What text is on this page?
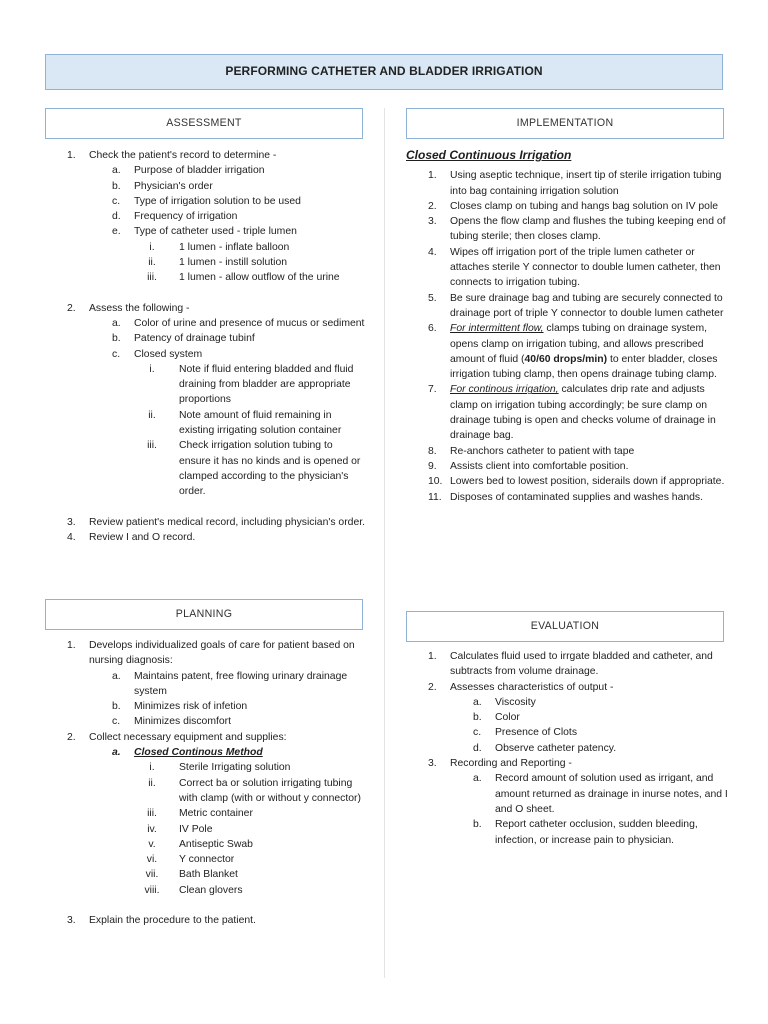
PERFORMING CATHETER AND BLADDER IRRIGATION
ASSESSMENT	IMPLEMENTATION
PLANNING
EVALUATION
1. Check the patient's record to determine -
a. Purpose of bladder irrigation
b. Physician's order
c. Type of irrigation solution to be used
d. Frequency of irrigation
e. Type of catheter used - triple lumen
i.	1 lumen - inflate balloon
ii.	1 lumen - instill solution
iii.	1 lumen - allow outflow of the urine
2. Assess the following -
a. Color of urine and presence of mucus or sediment
b. Patency of drainage tubinf
c. Closed system
i.	Note if fluid entering bladded and fluid draining from bladder are appropriate proportions
ii.	Note amount of fluid remaining in existing irrigating solution container
iii.	Check irrigation solution tubing to ensure it has no kinds and is opened or clamped according to the physician's order.
3. Review patient's medical record, including physician's order.
4. Review I and O record.
1. Develops individualized goals of care for patient based on nursing diagnosis:
a. Maintains patent, free flowing urinary drainage system
b. Minimizes risk of infetion
c. Minimizes discomfort
2. Collect necessary equipment and supplies:
a. Closed Continous Method
i.	Sterile Irrigating solution
ii.	Correct ba or solution irrigating tubing with clamp (with or without y connector)
iii.	Metric container
iv.	IV Pole
v.	Antiseptic Swab
vi.	Y connector
vii.	Bath Blanket
viii.	Clean glovers
3. Explain the procedure to the patient.
Closed Continuous Irrigation
1. Using aseptic technique, insert tip of sterile irrigation tubing into bag containing irrigation solution
2. Closes clamp on tubing and hangs bag solution on IV pole
3. Opens the flow clamp and flushes the tubing keeping end of tubing sterile; then closes clamp.
4. Wipes off irrigation port of the triple lumen catheter or attaches sterile Y connector to double lumen catheter, then connects to irrigation tubing.
5. Be sure drainage bag and tubing are securely connected to drainage port of triple Y connector to double lumen catheter
6. For intermittent flow, clamps tubing on drainage system, opens clamp on irrigation tubing, and allows prescribed amount of fluid (40/60 drops/min) to enter bladder, closes irrigation tubing clamp, then opens drainage tubing clamp.
7. For continous irrigation, calculates drip rate and adjusts clamp on irrigation tubing accordingly; be sure clamp on drainage tubing is open and checks volume of drainage in drainage bag.
8. Re-anchors catheter to patient with tape
9. Assists client into comfortable position.
10. Lowers bed to lowest position, siderails down if appropriate.
11. Disposes of contaminated supplies and washes hands.
1. Calculates fluid used to irrgate bladded and catheter, and subtracts from volume drainage.
2. Assesses characteristics of output -
a. Viscosity
b. Color
c. Presence of Clots
d. Observe catheter patency.
3. Recording and Reporting -
a. Record amount of solution used as irrigant, and amount returned as drainage in inurse notes, and I and O sheet.
b. Report catheter occlusion, sudden bleeding, infection, or increase pain to physician.
